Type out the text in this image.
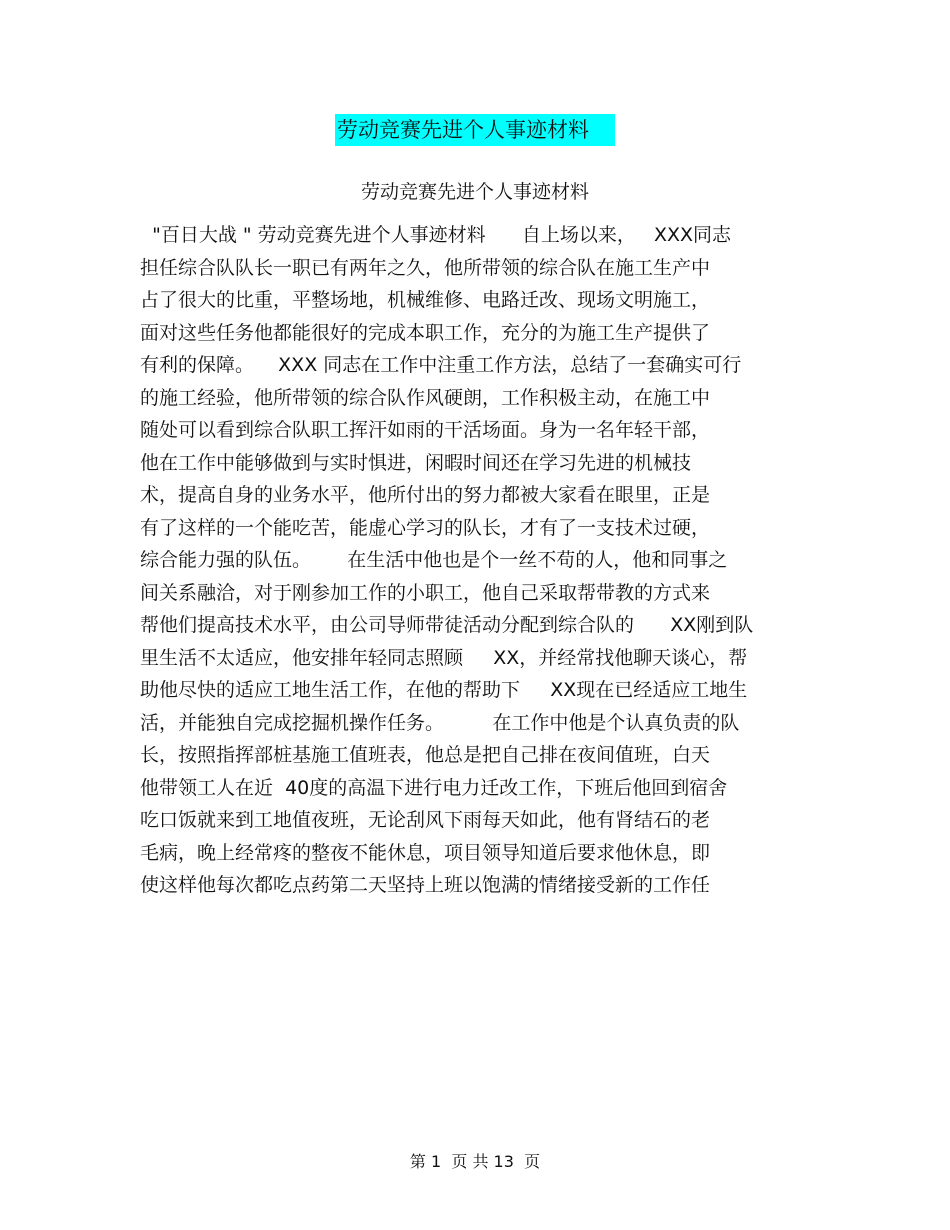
劳动竞赛先进个人事迹材料
劳动竞赛先进个人事迹材料
"百日大战 " 劳动竞赛先进个人事迹材料      自上场以来，   XXX同志
担任综合队队长一职已有两年之久，他所带领的综合队在施工生产中
占了很大的比重，平整场地，机械维修、电路迁改、现场文明施工，
面对这些任务他都能很好的完成本职工作，充分的为施工生产提供了
有利的保障。    XXX 同志在工作中注重工作方法，总结了一套确实可行
的施工经验，他所带领的综合队作风硬朗，工作积极主动，在施工中
随处可以看到综合队职工挥汗如雨的干活场面。身为一名年轻干部，
他在工作中能够做到与实时惧进，闲暇时间还在学习先进的机械技
术，提高自身的业务水平，他所付出的努力都被大家看在眼里，正是
有了这样的一个能吃苦，能虚心学习的队长，才有了一支技术过硬，
综合能力强的队伍。      在生活中他也是个一丝不苟的人，他和同事之
间关系融洽，对于刚参加工作的小职工，他自己采取帮带教的方式来
帮他们提高技术水平，由公司导师带徒活动分配到综合队的      XX刚到队
里生活不太适应，他安排年轻同志照顾     XX，并经常找他聊天谈心，帮
助他尽快的适应工地生活工作，在他的帮助下     XX现在已经适应工地生
活，并能独自完成挖掘机操作任务。        在工作中他是个认真负责的队
长，按照指挥部桩基施工值班表，他总是把自己排在夜间值班，白天
他带领工人在近  40度的高温下进行电力迁改工作，下班后他回到宿舍
吃口饭就来到工地值夜班，无论刮风下雨每天如此，他有肾结石的老
毛病，晚上经常疼的整夜不能休息，项目领导知道后要求他休息，即
使这样他每次都吃点药第二天坚持上班以饱满的情绪接受新的工作任
第 1  页 共 13  页
